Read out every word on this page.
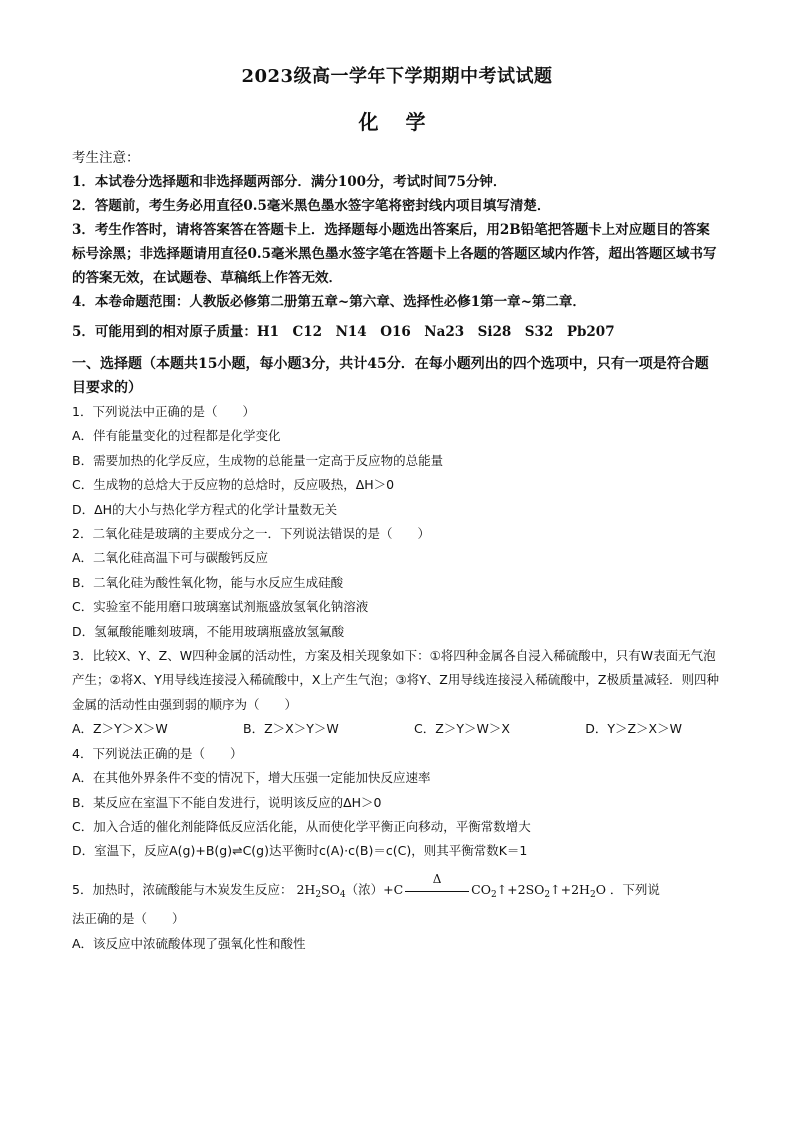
2023级高一学年下学期期中考试试题
化 学

考生注意：

1．本试卷分选择题和非选择题两部分．满分100分，考试时间75分钟．

2．答题前，考生务必用直径0.5毫米黑色墨水签字笔将密封线内项目填写清楚．

3．考生作答时，请将答案答在答题卡上．选择题每小题选出答案后，用2B铅笔把答题卡上对应题目的答案标号涂黑；非选择题请用直径0.5毫米黑色墨水签字笔在答题卡上各题的答题区域内作答，超出答题区域书写的答案无效，在试题卷、草稿纸上作答无效．

4．本卷命题范围：人教版必修第二册第五章~第六章、选择性必修1第一章~第二章．

5．可能用到的相对原子质量：H1　C12　N14　O16　Na23　Si28　S32　Pb207

一、选择题（本题共15小题，每小题3分，共计45分．在每小题列出的四个选项中，只有一项是符合题目要求的）

1．下列说法中正确的是（　　）

A．伴有能量变化的过程都是化学变化

B．需要加热的化学反应，生成物的总能量一定高于反应物的总能量

C．生成物的总焓大于反应物的总焓时，反应吸热，ΔH＞0

D．ΔH的大小与热化学方程式的化学计量数无关

2．二氧化硅是玻璃的主要成分之一．下列说法错误的是（　　）

A．二氧化硅高温下可与碳酸钙反应

B．二氧化硅为酸性氧化物，能与水反应生成硅酸

C．实验室不能用磨口玻璃塞试剂瓶盛放氢氧化钠溶液

D．氢氟酸能雕刻玻璃，不能用玻璃瓶盛放氢氟酸

3．比较X、Y、Z、W四种金属的活动性，方案及相关现象如下：①将四种金属各自浸入稀硫酸中，只有W表面无气泡产生；②将X、Y用导线连接浸入稀硫酸中，X上产生气泡；③将Y、Z用导线连接浸入稀硫酸中，Z极质量减轻．则四种金属的活动性由强到弱的顺序为（　　）

A．Z＞Y＞X＞W	B．Z＞X＞Y＞W	C．Z＞Y＞W＞X	D．Y＞Z＞X＞W

4．下列说法正确的是（　　）

A．在其他外界条件不变的情况下，增大压强一定能加快反应速率

B．某反应在室温下不能自发进行，说明该反应的ΔH＞0

C．加入合适的催化剂能降低反应活化能，从而使化学平衡正向移动，平衡常数增大

D．室温下，反应A(g)+B(g)⇌C(g)达平衡时c(A)·c(B)＝c(C)，则其平衡常数K＝1

5．加热时，浓硫酸能与木炭发生反应： $2H_2SO_4$（浓）+C
Δ
$CO_2↑+2SO_2↑+2H_2O$ ．下列说

法正确的是（　　）

A．该反应中浓硫酸体现了强氧化性和酸性
